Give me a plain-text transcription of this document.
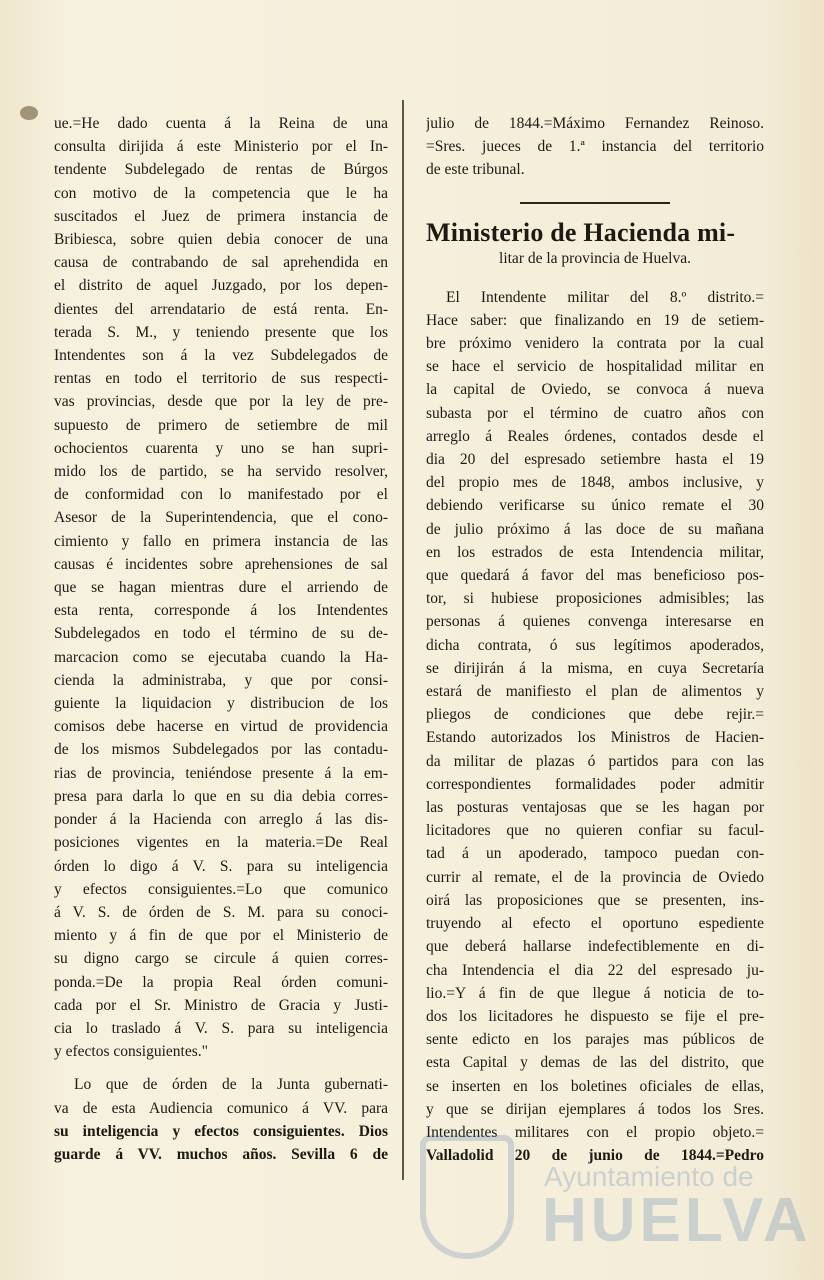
ue.=He dado cuenta á la Reina de una
consulta dirijida á este Ministerio por el In-
tendente Subdelegado de rentas de Búrgos
con motivo de la competencia que le ha
suscitados el Juez de primera instancia de
Bribiesca, sobre quien debia conocer de una
causa de contrabando de sal aprehendida en
el distrito de aquel Juzgado, por los depen-
dientes del arrendatario de está renta. En-
terada S. M., y teniendo presente que los
Intendentes son á la vez Subdelegados de
rentas en todo el territorio de sus respecti-
vas provincias, desde que por la ley de pre-
supuesto de primero de setiembre de mil
ochocientos cuarenta y uno se han supri-
mido los de partido, se ha servido resolver,
de conformidad con lo manifestado por el
Asesor de la Superintendencia, que el cono-
cimiento y fallo en primera instancia de las
causas é incidentes sobre aprehensiones de sal
que se hagan mientras dure el arriendo de
esta renta, corresponde á los Intendentes
Subdelegados en todo el término de su de-
marcacion como se ejecutaba cuando la Ha-
cienda la administraba, y que por consi-
guiente la liquidacion y distribucion de los
comisos debe hacerse en virtud de providencia
de los mismos Subdelegados por las contadu-
rias de provincia, teniéndose presente á la em-
presa para darla lo que en su dia debia corres-
ponder á la Hacienda con arreglo á las dis-
posiciones vigentes en la materia.=De Real
órden lo digo á V. S. para su inteligencia
y efectos consiguientes.=Lo que comunico
á V. S. de órden de S. M. para su conoci-
miento y á fin de que por el Ministerio de
su digno cargo se circule á quien corres-
ponda.=De la propia Real órden comuni-
cada por el Sr. Ministro de Gracia y Justi-
cia lo traslado á V. S. para su inteligencia
y efectos consiguientes."
Lo que de órden de la Junta gubernati-
va de esta Audiencia comunico á VV. para
su inteligencia y efectos consiguientes. Dios
guarde á VV. muchos años. Sevilla 6 de
julio de 1844.=Máximo Fernandez Reinoso.
=Sres. jueces de 1.ª instancia del territorio
de este tribunal.
Ministerio de Hacienda mi-
litar de la provincia de Huelva.
El Intendente militar del 8.º distrito.=
Hace saber: que finalizando en 19 de setiem-
bre próximo venidero la contrata por la cual
se hace el servicio de hospitalidad militar en
la capital de Oviedo, se convoca á nueva
subasta por el término de cuatro años con
arreglo á Reales órdenes, contados desde el
dia 20 del espresado setiembre hasta el 19
del propio mes de 1848, ambos inclusive, y
debiendo verificarse su único remate el 30
de julio próximo á las doce de su mañana
en los estrados de esta Intendencia militar,
que quedará á favor del mas beneficioso pos-
tor, si hubiese proposiciones admisibles; las
personas á quienes convenga interesarse en
dicha contrata, ó sus legítimos apoderados,
se dirijirán á la misma, en cuya Secretaría
estará de manifiesto el plan de alimentos y
pliegos de condiciones que debe rejir.=
Estando autorizados los Ministros de Hacien-
da militar de plazas ó partidos para con las
correspondientes formalidades poder admitir
las posturas ventajosas que se les hagan por
licitadores que no quieren confiar su facul-
tad á un apoderado, tampoco puedan con-
currir al remate, el de la provincia de Oviedo
oirá las proposiciones que se presenten, ins-
truyendo al efecto el oportuno espediente
que deberá hallarse indefectiblemente en di-
cha Intendencia el dia 22 del espresado ju-
lio.=Y á fin de que llegue á noticia de to-
dos los licitadores he dispuesto se fije el pre-
sente edicto en los parajes mas públicos de
esta Capital y demas de las del distrito, que
se inserten en los boletines oficiales de ellas,
y que se dirijan ejemplares á todos los Sres.
Intendentes militares con el propio objeto.=
Valladolid 20 de junio de 1844.=Pedro
Ayuntamiento de
HUELVA
